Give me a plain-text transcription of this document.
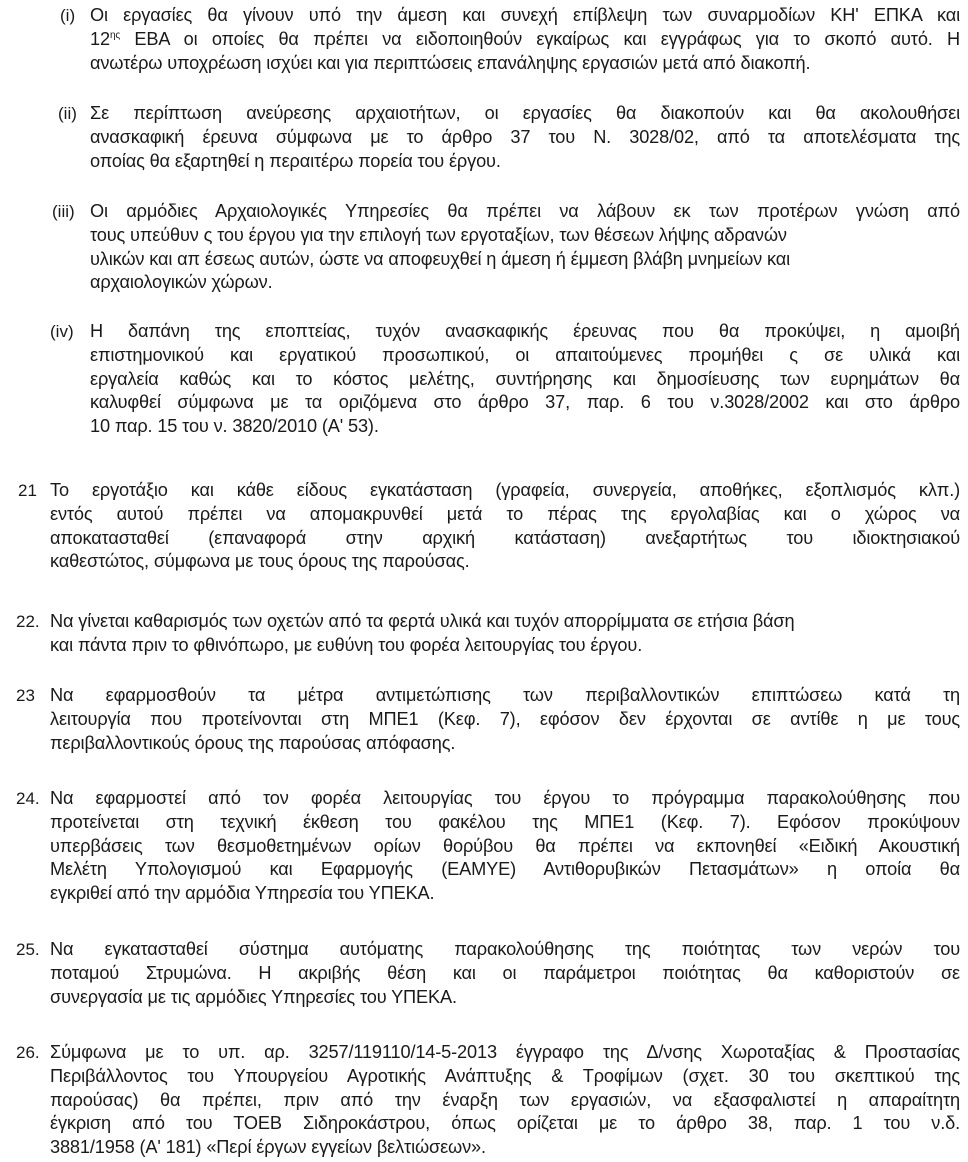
(i) Οι εργασίες θα γίνουν υπό την άμεση και συνεχή επίβλεψη των συναρμοδίων ΚΗ' ΕΠΚΑ και
$12^{\eta\varsigma}$ ΕΒΑ οι οποίες θα πρέπει να ειδοποιηθούν εγκαίρως και εγγράφως για το σκοπό αυτό. Η
ανωτέρω υποχρέωση ισχύει και για περιπτώσεις επανάληψης εργασιών μετά από διακοπή.
(ii) Σε περίπτωση ανεύρεσης αρχαιοτήτων, οι εργασίες θα διακοπούν και θα ακολουθήσει
ανασκαφική έρευνα σύμφωνα με το άρθρο 37 του Ν. 3028/02, από τα αποτελέσματα της
οποίας θα εξαρτηθεί η περαιτέρω πορεία του έργου.
(iii) Οι αρμόδιες Αρχαιολογικές Υπηρεσίες θα πρέπει να λάβουν εκ των προτέρων γνώση από
τους υπεύθυν ς του έργου για την επιλογή των εργοταξίων, των θέσεων λήψης αδρανών
υλικών και απ έσεως αυτών, ώστε να αποφευχθεί η άμεση ή έμμεση βλάβη μνημείων και
αρχαιολογικών χώρων.
(iv) Η δαπάνη της εποπτείας, τυχόν ανασκαφικής έρευνας που θα προκύψει, η αμοιβή
επιστημονικού και εργατικού προσωπικού, οι απαιτούμενες προμήθει ς σε υλικά και
εργαλεία καθώς και το κόστος μελέτης, συντήρησης και δημοσίευσης των ευρημάτων θα
καλυφθεί σύμφωνα με τα οριζόμενα στο άρθρο 37, παρ. 6 του ν.3028/2002 και στο άρθρο
10 παρ. 15 του ν. 3820/2010 (Α' 53).
21 Το εργοτάξιο και κάθε είδους εγκατάσταση (γραφεία, συνεργεία, αποθήκες, εξοπλισμός κλπ.)
εντός αυτού πρέπει να απομακρυνθεί μετά το πέρας της εργολαβίας και ο χώρος να
αποκατασταθεί (επαναφορά στην αρχική κατάσταση) ανεξαρτήτως του ιδιοκτησιακού
καθεστώτος, σύμφωνα με τους όρους της παρούσας.
22. Να γίνεται καθαρισμός των οχετών από τα φερτά υλικά και τυχόν απορρίμματα σε ετήσια βάση
και πάντα πριν το φθινόπωρο, με ευθύνη του φορέα λειτουργίας του έργου.
23 Να εφαρμοσθούν τα μέτρα αντιμετώπισης των περιβαλλοντικών επιπτώσεω κατά τη
λειτουργία που προτείνονται στη ΜΠΕ1 (Κεφ. 7), εφόσον δεν έρχονται σε αντίθε η με τους
περιβαλλοντικούς όρους της παρούσας απόφασης.
24. Να εφαρμοστεί από τον φορέα λειτουργίας του έργου το πρόγραμμα παρακολούθησης που
προτείνεται στη τεχνική έκθεση του φακέλου της ΜΠΕ1 (Κεφ. 7). Εφόσον προκύψουν
υπερβάσεις των θεσμοθετημένων ορίων θορύβου θα πρέπει να εκπονηθεί «Ειδική Ακουστική
Μελέτη Υπολογισμού και Εφαρμογής (ΕΑΜΥΕ) Αντιθορυβικών Πετασμάτων» η οποία θα
εγκριθεί από την αρμόδια Υπηρεσία του ΥΠΕΚΑ.
25. Να εγκατασταθεί σύστημα αυτόματης παρακολούθησης της ποιότητας των νερών του
ποταμού Στρυμώνα. Η ακριβής θέση και οι παράμετροι ποιότητας θα καθοριστούν σε
συνεργασία με τις αρμόδιες Υπηρεσίες του ΥΠΕΚΑ.
26. Σύμφωνα με το υπ. αρ. 3257/119110/14-5-2013 έγγραφο της Δ/νσης Χωροταξίας & Προστασίας
Περιβάλλοντος του Υπουργείου Αγροτικής Ανάπτυξης & Τροφίμων (σχετ. 30 του σκεπτικού της
παρούσας) θα πρέπει, πριν από την έναρξη των εργασιών, να εξασφαλιστεί η απαραίτητη
έγκριση από του ΤΟΕΒ Σιδηροκάστρου, όπως ορίζεται με το άρθρο 38, παρ. 1 του ν.δ.
3881/1958 (Α' 181) «Περί έργων εγγείων βελτιώσεων».
